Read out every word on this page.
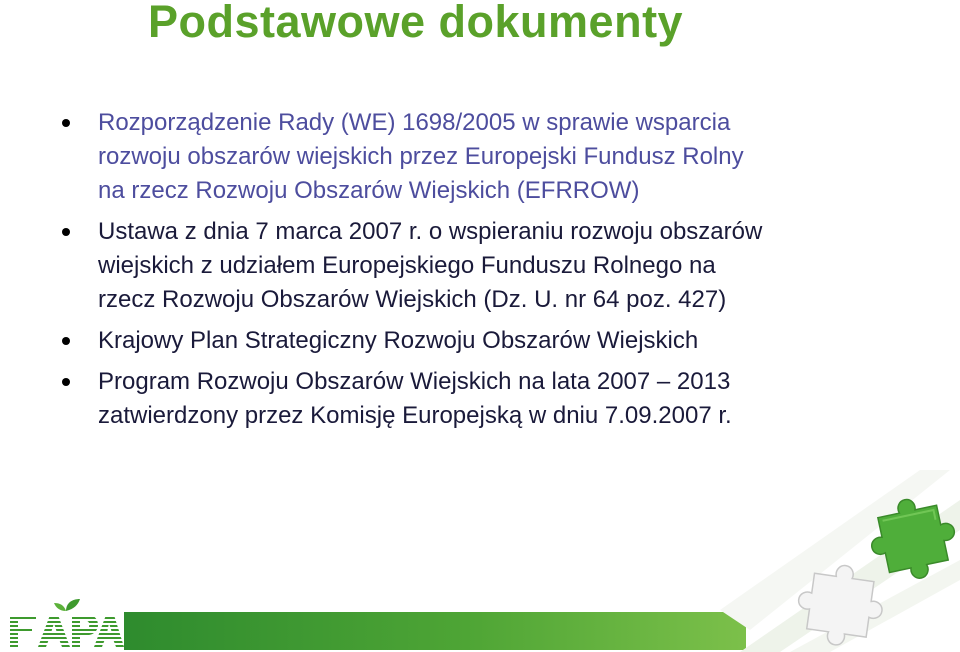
Podstawowe dokumenty
Rozporządzenie Rady (WE) 1698/2005 w sprawie wsparcia
rozwoju obszarów wiejskich przez Europejski Fundusz Rolny
na rzecz Rozwoju Obszarów Wiejskich (EFRROW)
Ustawa z dnia 7 marca 2007 r. o wspieraniu rozwoju obszarów
wiejskich z udziałem Europejskiego Funduszu Rolnego na
rzecz Rozwoju Obszarów Wiejskich (Dz. U. nr 64 poz. 427)
Krajowy Plan Strategiczny Rozwoju Obszarów Wiejskich
Program Rozwoju Obszarów Wiejskich na lata 2007 – 2013
zatwierdzony przez Komisję Europejską w dniu 7.09.2007 r.
